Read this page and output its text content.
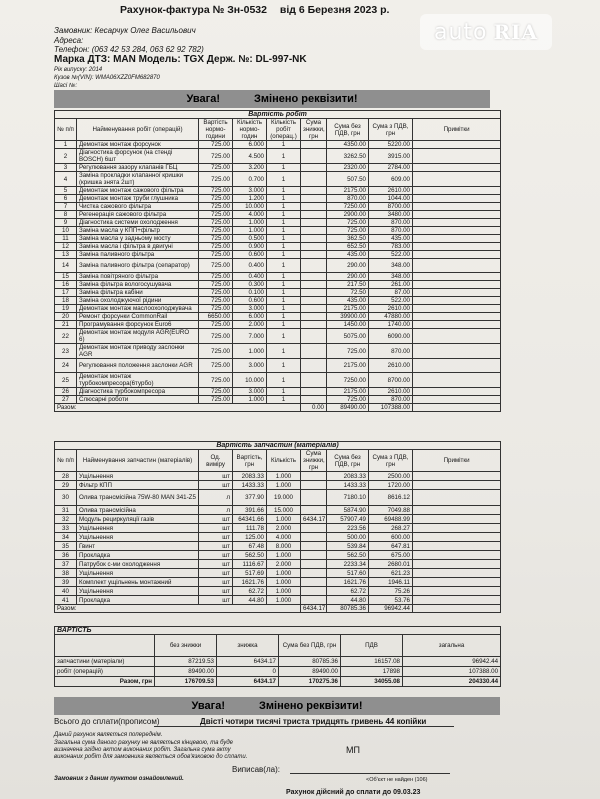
Рахунок-фактура № Зн-0532 від 6 Березня 2023 р.
auto RIA
Замовник: Кесарчук Олег Васильович
Адреса:
Телефон: (063 42 53 284, 063 62 92 782)
Марка ДТЗ: MAN Модель: TGX Держ. №: DL-997-NK
Рік випуску: 2014
Кузов №(VIN): WMA06XZZ0FM682870
Шасі №:
Увага!	Змінено реквізити!
Вартість робіт								
№ п/п	Найменування робіт (операцій)	Вартість нормо-години	Кількість нормо-годин	Кількість робіт (операц.)	Сума знижки, грн	Сума без ПДВ, грн	Сума з ПДВ, грн	Примітки
1	Демонтаж монтаж форсунок	725.00	6.000	1		4350.00	5220.00	
2	Діагностика форсунок (на стенді BOSCH) 6шт	725.00	4.500	1		3262.50	3915.00	
3	Регулювання зазору клапанів ГБЦ	725.00	3.200	1		2320.00	2784.00	
4	Заміна прокладки клапанної кришки (кришка знята 2шт)	725.00	0.700	1		507.50	609.00	
5	Демонтаж монтаж сажового фільтра	725.00	3.000	1		2175.00	2610.00	
6	Демонтаж монтаж труби глушника	725.00	1.200	1		870.00	1044.00	
7	Чистка сажового фільтра	725.00	10.000	1		7250.00	8700.00	
8	Регенерація сажового фільтра	725.00	4.000	1		2900.00	3480.00	
9	Діагностика системи охолодження	725.00	1.000	1		725.00	870.00	
10	Заміна масла у КПП+фільтр	725.00	1.000	1		725.00	870.00	
11	Заміна масла у задньому мосту	725.00	0.500	1		362.50	435.00	
12	Заміна масла і фільтра в двигуні	725.00	0.900	1		652.50	783.00	
13	Заміна паливного фільтра	725.00	0.600	1		435.00	522.00	
14	Заміна паливного фільтра (сепаратор)	725.00	0.400	1		290.00	348.00	
15	Заміна повітряного фільтра	725.00	0.400	1		290.00	348.00	
16	Заміна фільтра вологосушувача	725.00	0.300	1		217.50	261.00	
17	Заміна фільтра кабіни	725.00	0.100	1		72.50	87.00	
18	Заміна охолоджуючої рідини	725.00	0.600	1		435.00	522.00	
19	Демонтаж монтаж маслоохолоджувача	725.00	3.000	1		2175.00	2610.00	
20	Ремонт форсунки CommonRail	6650.00	6.000	1		39900.00	47880.00	
21	Програмування форсунок Euro6	725.00	2.000	1		1450.00	1740.00	
22	Демонтаж монтаж модуля AGR(EURO 6)	725.00	7.000	1		5075.00	6090.00	
23	Демонтаж монтаж приводу заслонки AGR	725.00	1.000	1		725.00	870.00	
24	Регулювання положення заслонки AGR	725.00	3.000	1		2175.00	2610.00	
25	Демонтаж монтаж турбокомпресора(6туpбо)	725.00	10.000	1		7250.00	8700.00	
26	Діагностика турбокомпресора	725.00	3.000	1		2175.00	2610.00	
27	Слюсарні роботи	725.00	1.000	1		725.00	870.00	
Разом:					0.00	89490.00	107388.00	
Вартість запчастин (матеріалів)								
№ п/п	Найменування запчастин (матеріалів)	Од. виміру	Вартість, грн	Кількість	Сума знижки, грн	Сума без ПДВ, грн	Сума з ПДВ, грн	Примітки
28	Ущільнення	шт	2083.33	1.000		2083.33	2500.00	
29	Фільтр КПП	шт	1433.33	1.000		1433.33	1720.00	
30	Олива трансмісійна 75W-80 MAN 341-Z5	л	377.90	19.000		7180.10	8616.12	
31	Олива трансмісійна	л	391.66	15.000		5874.90	7049.88	
32	Модуль рециркуляції газів	шт	64341.66	1.000	6434.17	57907.49	69488.99	
33	Ущільнення	шт	111.78	2.000		223.56	268.27	
34	Ущільнення	шт	125.00	4.000		500.00	600.00	
35	Гвинт	шт	67.48	8.000		539.84	647.81	
36	Прокладка	шт	562.50	1.000		562.50	675.00	
37	Патрубок с-ми охолодження	шт	1116.67	2.000		2233.34	2680.01	
38	Ущільнення	шт	517.69	1.000		517.60	621.23	
39	Комплект ущільнень монтажний	шт	1621.76	1.000		1621.76	1946.11	
40	Ущільнення	шт	62.72	1.000		62.72	75.26	
41	Прокладка	шт	44.80	1.000		44.80	53.76	
Разом:					6434.17	80785.36	96942.44	
ВАРТІСТЬ					
	без знижки	знижка	Сума без ПДВ, грн	ПДВ	загальна
запчастини (матеріали)	87219.53	6434.17	80785.36	16157.08	96942.44
робіт (операцій)	89490.00	0	89490.00	17898	107388.00
Разом, грн	176709.53	6434.17	170275.36	34055.08	204330.44
Увага!	Змінено реквізити!
Всього до сплати(прописом)	Двісті чотири тисячі триста тридцять гривень 44 копійки
Даний рахунок являється попереднім.
Загальна сума даного рахунку не являється кінцевою, та буде визначена згідно актом виконаних робіт. Загальна сума акту виконаних робіт для замовника являється обов'язковою до сплати.
Замовник з даним пунктом ознайомлений.
МП
Виписав(ла):
<Об'єкт не найден (106)
Рахунок дійсний до сплати до 09.03.23
